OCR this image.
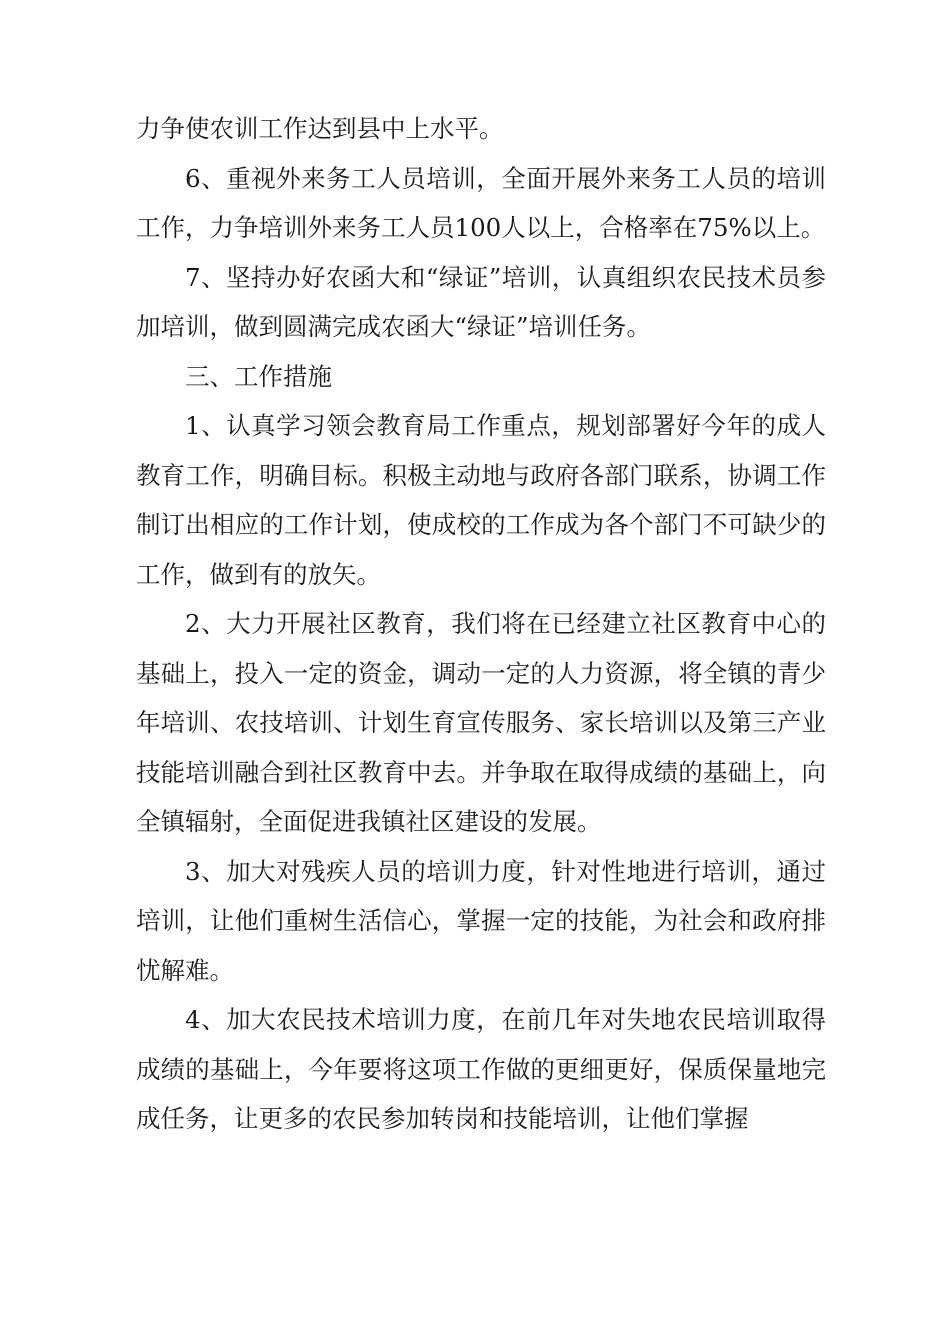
力争使农训工作达到县中上水平。

6、重视外来务工人员培训，全面开展外来务工人员的培训工作，力争培训外来务工人员100人以上，合格率在75%以上。

7、坚持办好农函大和“绿证”培训，认真组织农民技术员参加培训，做到圆满完成农函大“绿证”培训任务。

三、工作措施

1、认真学习领会教育局工作重点，规划部署好今年的成人教育工作，明确目标。积极主动地与政府各部门联系，协调工作制订出相应的工作计划，使成校的工作成为各个部门不可缺少的工作，做到有的放矢。

2、大力开展社区教育，我们将在已经建立社区教育中心的基础上，投入一定的资金，调动一定的人力资源，将全镇的青少年培训、农技培训、计划生育宣传服务、家长培训以及第三产业技能培训融合到社区教育中去。并争取在取得成绩的基础上，向全镇辐射，全面促进我镇社区建设的发展。

3、加大对残疾人员的培训力度，针对性地进行培训，通过培训，让他们重树生活信心，掌握一定的技能，为社会和政府排忧解难。

4、加大农民技术培训力度，在前几年对失地农民培训取得成绩的基础上，今年要将这项工作做的更细更好，保质保量地完成任务，让更多的农民参加转岗和技能培训，让他们掌握
